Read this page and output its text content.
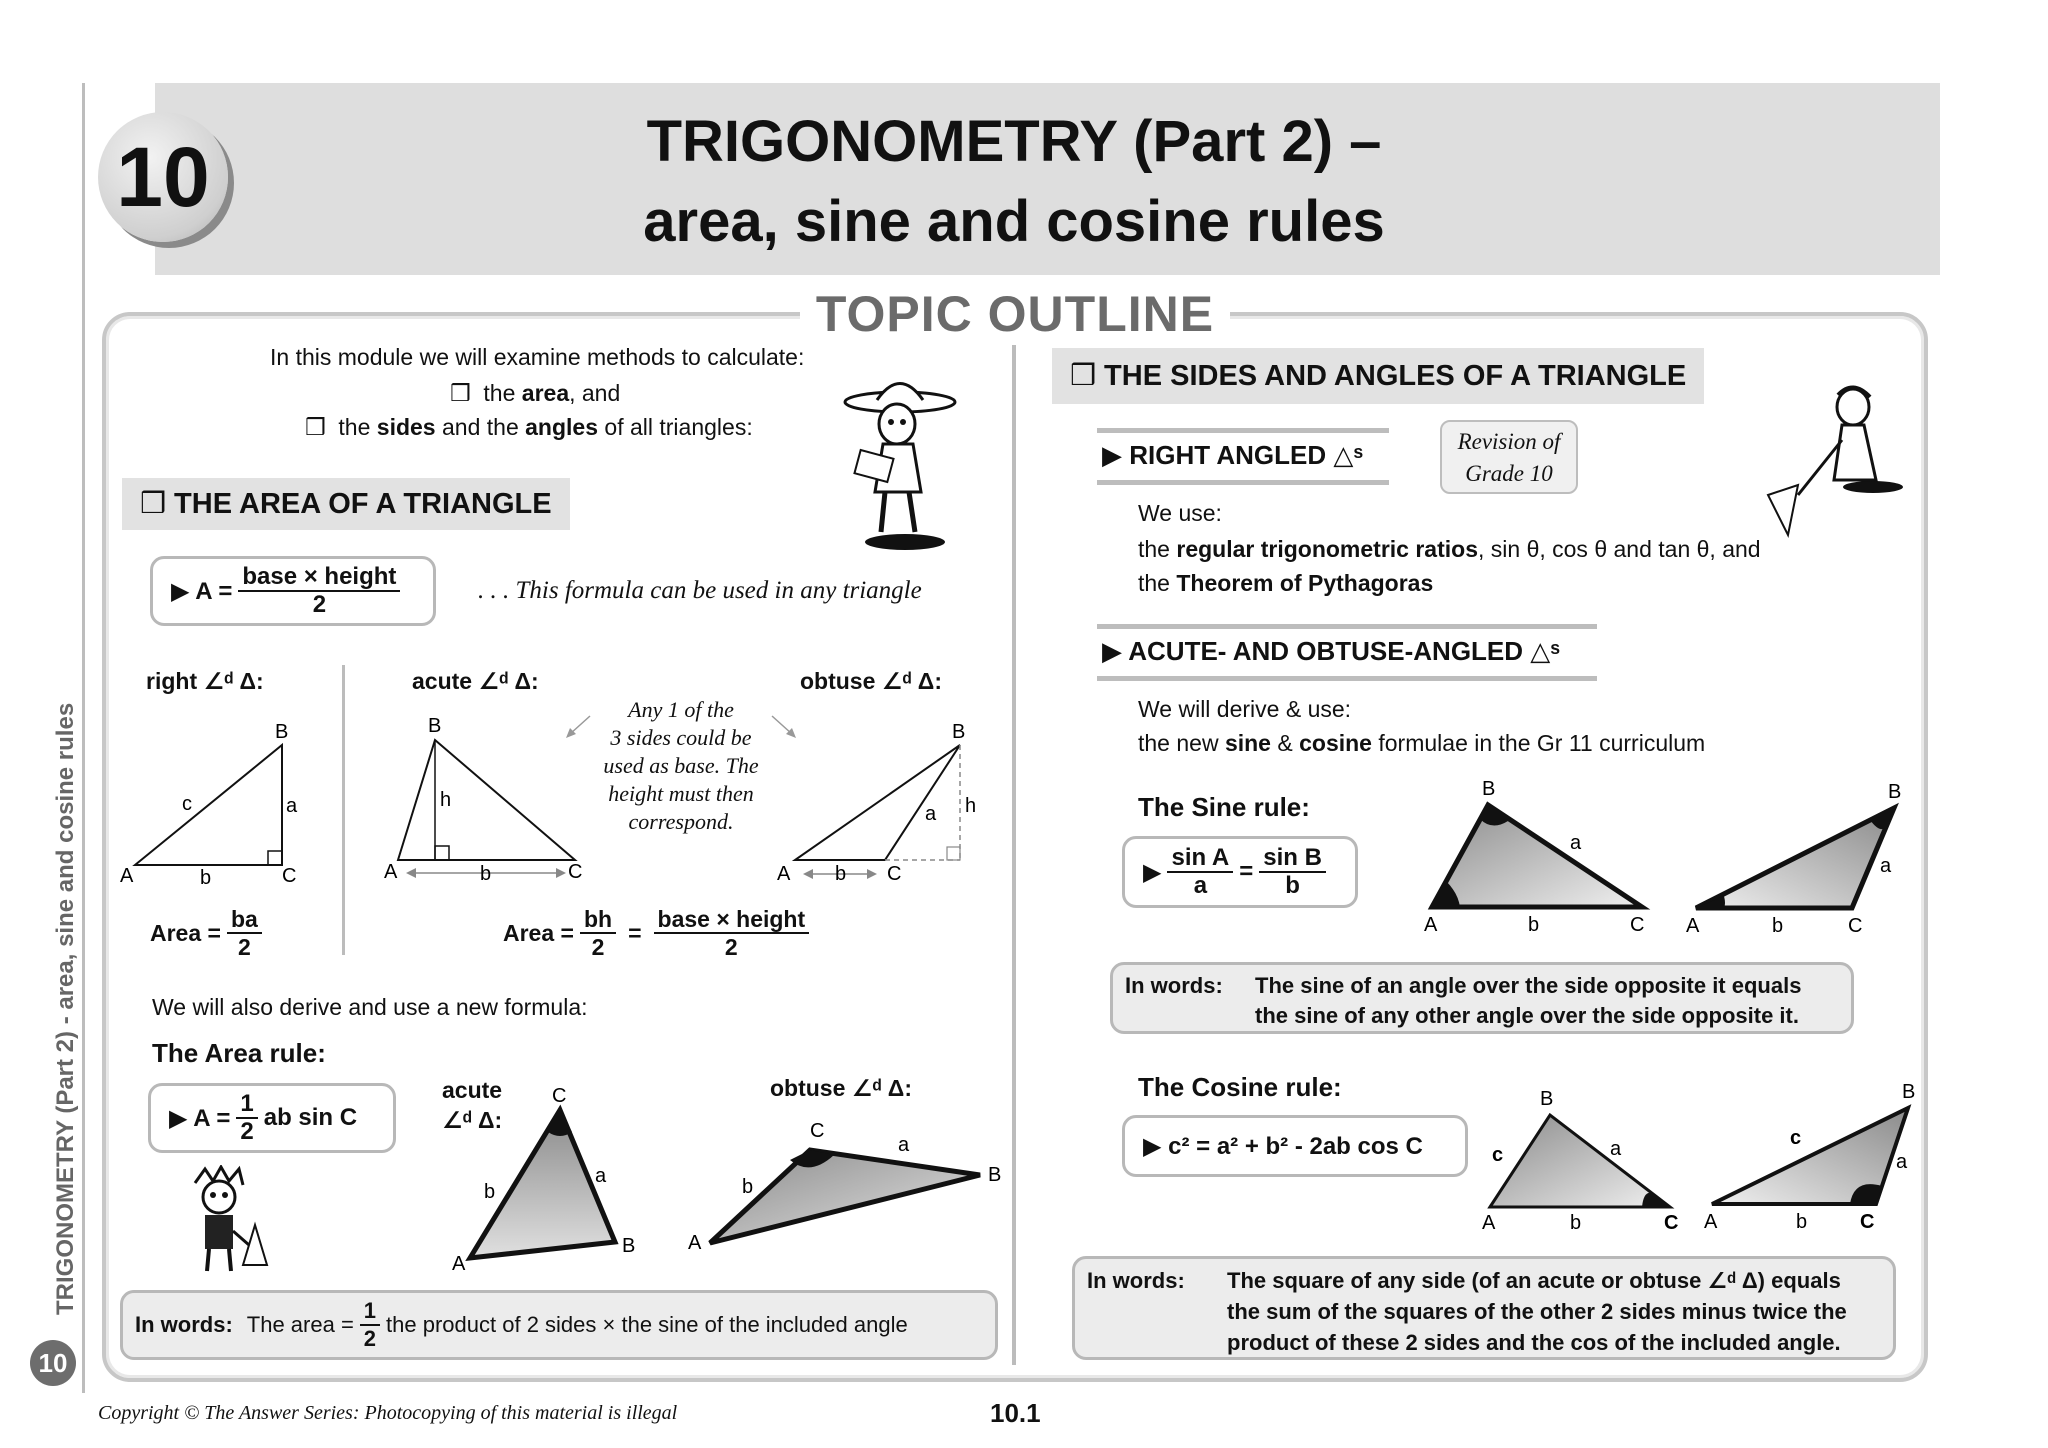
TRIGONOMETRY (Part 2) –
area, sine and cosine rules
10
TRIGONOMETRY (Part 2) - area, sine and cosine rules
10
TOPIC OUTLINE
In this module we will examine methods to calculate:
❒  the area, and
❒  the sides and the angles of all triangles:
❒ THE AREA OF A TRIANGLE
▶ $A = \frac{\text{base × height}}{2}$	. . . This formula can be used in any triangle
right ∠ᵈ Δ:	acute ∠ᵈ Δ:	obtuse ∠ᵈ Δ:
A
B
C
c	a
b	A
B
C
h
b
Any 1 of the
3 sides could be
used as base. The
height must then
correspond.
A
B
C
a h
b
Area = $\frac{ba}{2}$	Area = $\frac{bh}{2} = \frac{\text{base × height}}{2}$
We will also derive and use a new formula:
The Area rule:
▶ $A = \frac{1}{2}$ ab sin C
acute
∠ᵈ Δ:
obtuse ∠ᵈ Δ:
C
A
B
b
a
C
A
B
b
a
In words: The area = $\frac{1}{2}$ the product of 2 sides × the sine of the included angle
❒ THE SIDES AND ANGLES OF A TRIANGLE
▶ RIGHT ANGLED △ˢ	Revision of
Grade 10
We use:
the regular trigonometric ratios, sin θ, cos θ and tan θ, and
the Theorem of Pythagoras
▶ ACUTE- AND OBTUSE-ANGLED △ˢ
We will derive & use:
the new sine & cosine formulae in the Gr 11 curriculum
The Sine rule:
▶ $\frac{\text{sin A}}{a} = \frac{\text{sin B}}{b}$
B
A	C
a
b
B
A	C
a
b
In words: The sine of an angle over the side opposite it equals
the sine of any other angle over the side opposite it.
The Cosine rule:
▶ c² = a² + b² - 2ab cos C
B
A	C
a
b
c
B
A	C
a
b
c
In words: The square of any side (of an acute or obtuse ∠ᵈ Δ) equals
the sum of the squares of the other 2 sides minus twice the
product of these 2 sides and the cos of the included angle.
Copyright © The Answer Series: Photocopying of this material is illegal	10.1
